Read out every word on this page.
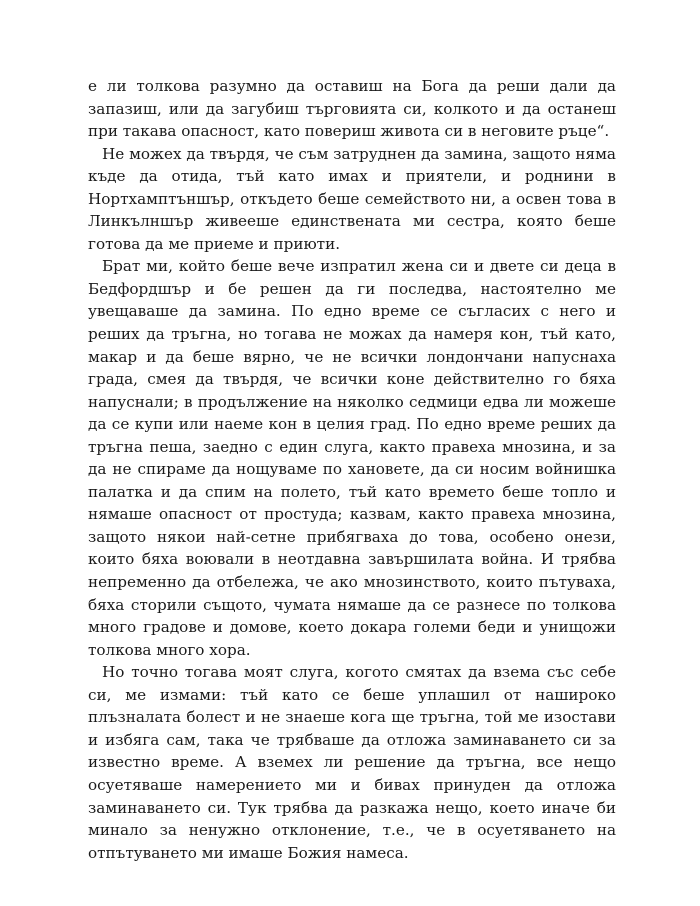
е ли толкова разумно да оставиш на Бога да реши дали да запазиш, или да загубиш търговията си, колкото и да останеш при такава опасност, като повериш живота си в неговите ръце“.

Не можех да твърдя, че съм затруднен да замина, защото няма къде да отида, тъй като имах и приятели, и роднини в Нортхамптъншър, откъдето беше семейството ни, а освен това в Линкълншър живееше единствената ми сестра, която беше готова да ме приеме и приюти.

Брат ми, който беше вече изпратил жена си и двете си деца в Бедфордшър и бе решен да ги последва, настоятелно ме увещаваше да замина. По едно време се съгласих с него и реших да тръгна, но тогава не можах да намеря кон, тъй като, макар и да беше вярно, че не всички лондончани напуснаха града, смея да твърдя, че всички коне действително го бяха напуснали; в продължение на няколко седмици едва ли можеше да се купи или наеме кон в целия град. По едно време реших да тръгна пеша, заедно с един слуга, както правеха мнозина, и за да не спираме да нощуваме по хановете, да си носим войнишка палатка и да спим на полето, тъй като времето беше топло и нямаше опасност от простуда; казвам, както правеха мнозина, защото някои най-сетне прибягваха до това, особено онези, които бяха воювали в неотдавна завършилата война. И трябва непременно да отбележа, че ако мнозинството, които пътуваха, бяха сторили същото, чумата нямаше да се разнесе по толкова много градове и домове, което докара големи беди и унищожи толкова много хора.

Но точно тогава моят слуга, когото смятах да взема със себе си, ме измами: тъй като се беше уплашил от нашироко плъзналата болест и не знаеше кога ще тръгна, той ме изостави и избяга сам, така че трябваше да отложа заминаването си за известно време. А вземех ли решение да тръгна, все нещо осуетяваше намерението ми и бивах принуден да отложа заминаването си. Тук трябва да разкажа нещо, което иначе би минало за ненужно отклонение, т.е., че в осуетяването на отпътуването ми имаше Божия намеса.
